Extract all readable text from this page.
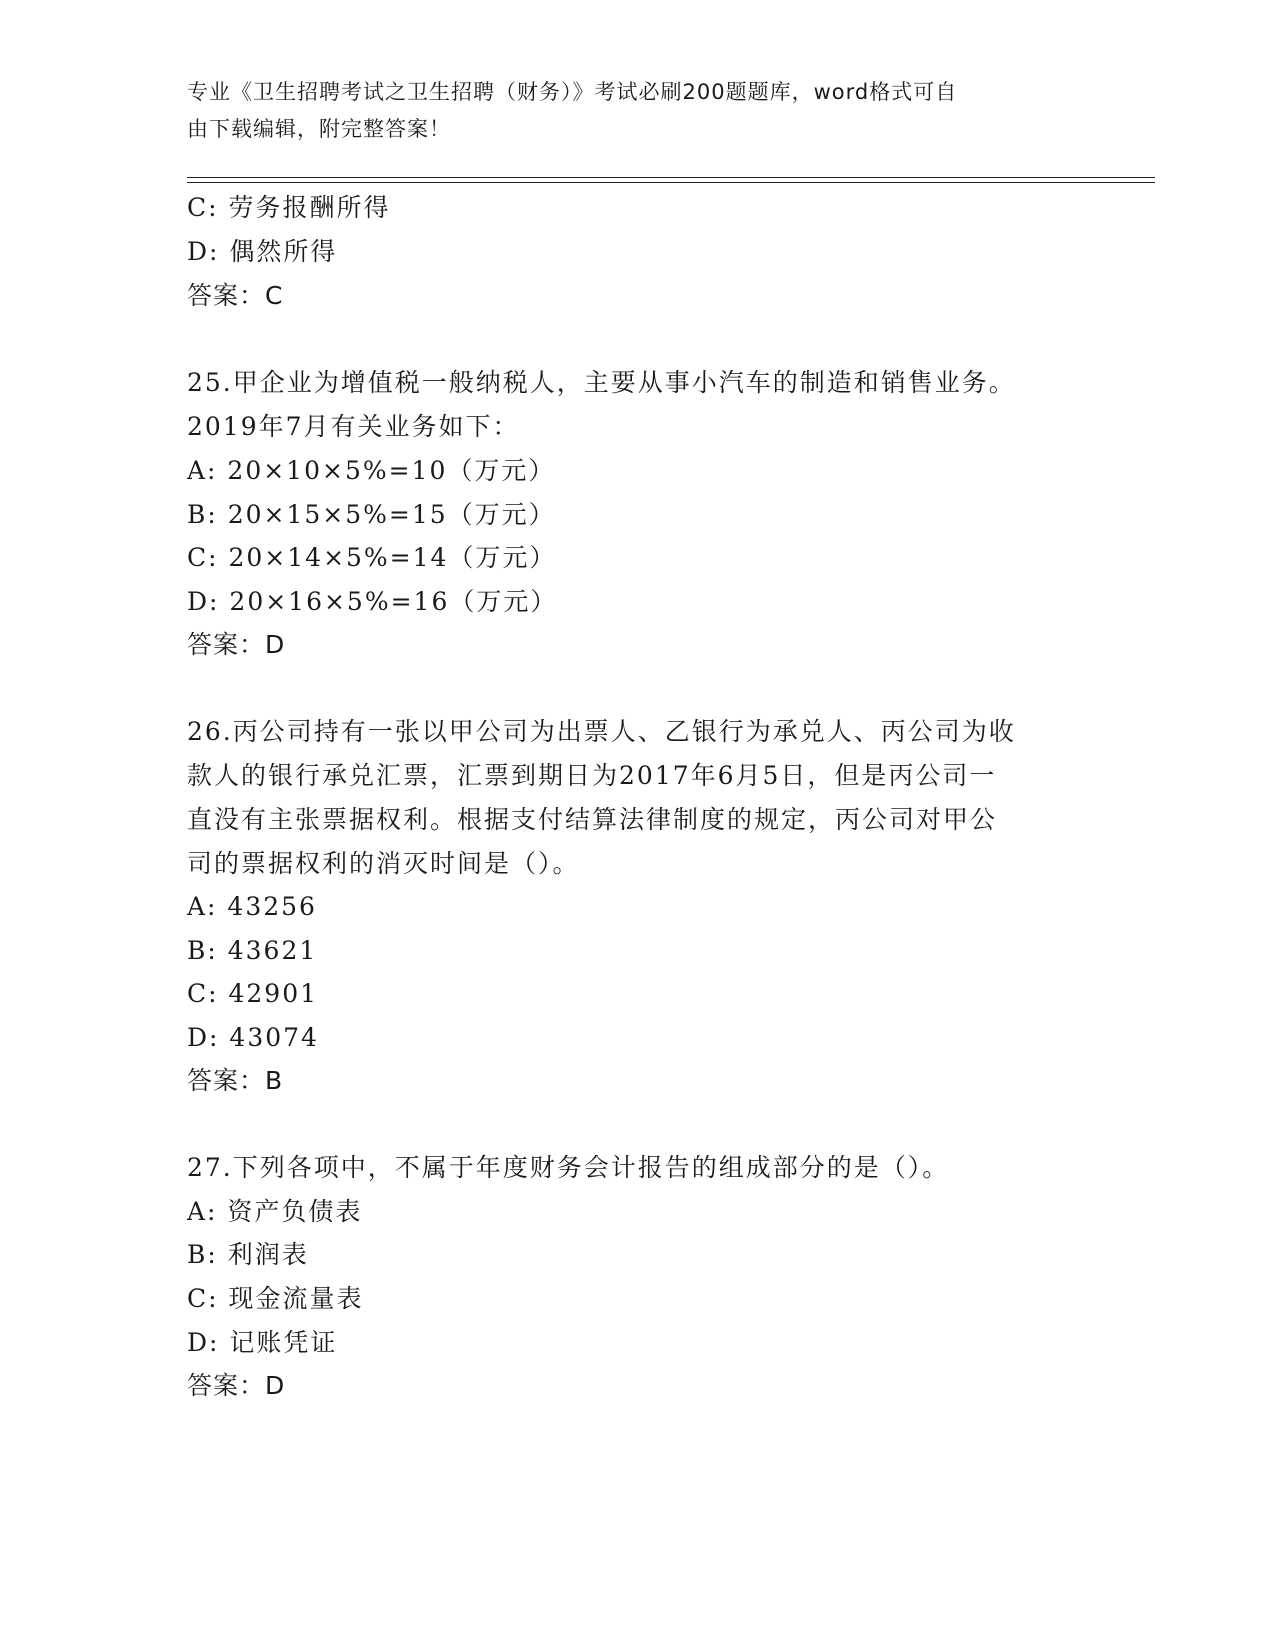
专业《卫生招聘考试之卫生招聘（财务）》考试必刷200题题库，word格式可自
由下载编辑，附完整答案！
C: 劳务报酬所得
D: 偶然所得
答案：C
25.甲企业为增值税一般纳税人，主要从事小汽车的制造和销售业务。
2019年7月有关业务如下：
A: 20×10×5%=10（万元）
B: 20×15×5%=15（万元）
C: 20×14×5%=14（万元）
D: 20×16×5%=16（万元）
答案：D
26.丙公司持有一张以甲公司为出票人、乙银行为承兑人、丙公司为收
款人的银行承兑汇票，汇票到期日为2017年6月5日，但是丙公司一
直没有主张票据权利。根据支付结算法律制度的规定，丙公司对甲公
司的票据权利的消灭时间是（）。
A: 43256
B: 43621
C: 42901
D: 43074
答案：B
27.下列各项中，不属于年度财务会计报告的组成部分的是（）。
A: 资产负债表
B: 利润表
C: 现金流量表
D: 记账凭证
答案：D
